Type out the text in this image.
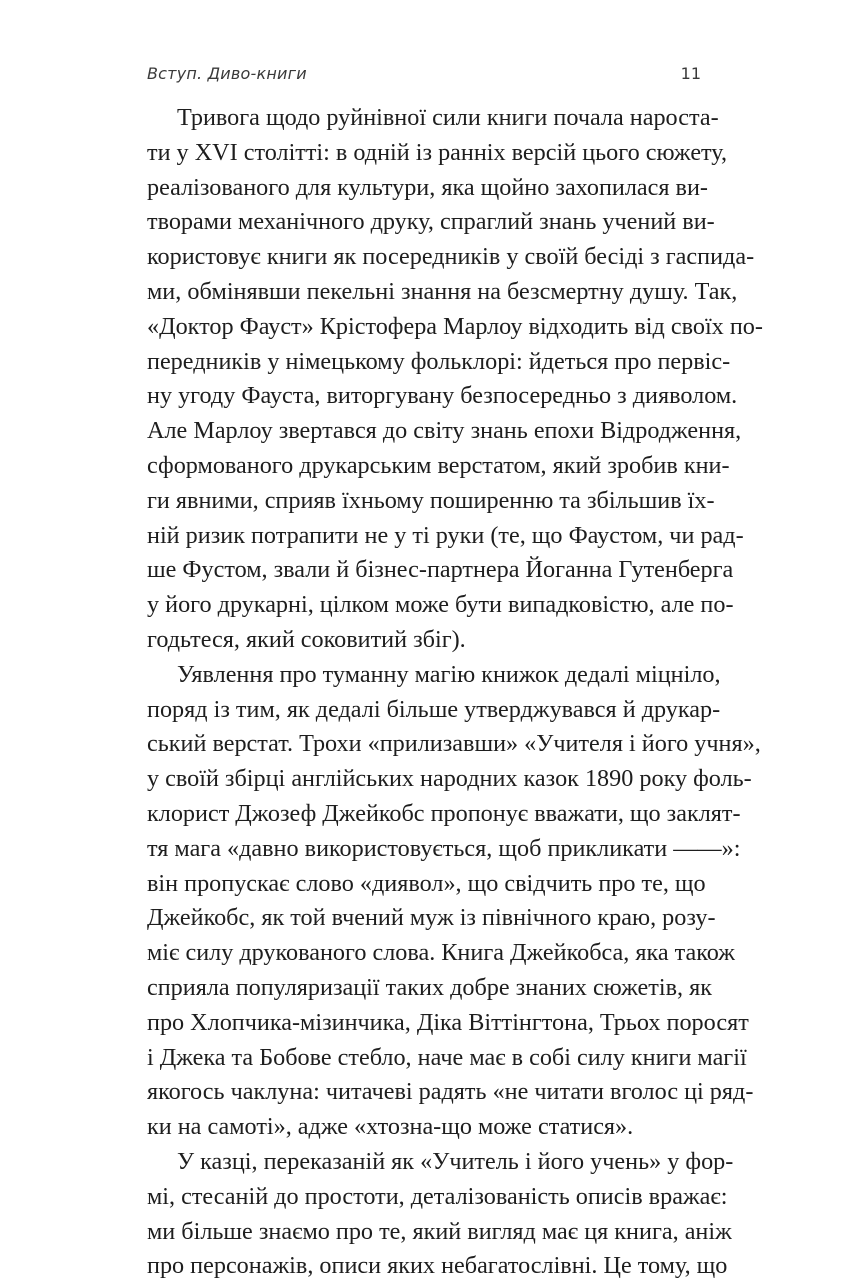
Вступ. Диво-книги	11
Тривога щодо руйнівної сили книги почала нароста-
ти у XVI столітті: в одній із ранніх версій цього сюжету,
реалізованого для культури, яка щойно захопилася ви-
творами механічного друку, спраглий знань учений ви-
користовує книги як посередників у своїй бесіді з гаспида-
ми, обмінявши пекельні знання на безсмертну душу. Так,
«Доктор Фауст» Крістофера Марлоу відходить від своїх по-
передників у німецькому фольклорі: йдеться про первіс-
ну угоду Фауста, виторгувану безпосередньо з дияволом.
Але Марлоу звертався до світу знань епохи Відродження,
сформованого друкарським верстатом, який зробив кни-
ги явними, сприяв їхньому поширенню та збільшив їх-
ній ризик потрапити не у ті руки (те, що Фаустом, чи рад-
ше Фустом, звали й бізнес-партнера Йоганна Гутенберга
у його друкарні, цілком може бути випадковістю, але по-
годьтеся, який соковитий збіг).
Уявлення про туманну магію книжок дедалі міцніло,
поряд із тим, як дедалі більше утверджувався й друкар-
ський верстат. Трохи «прилизавши» «Учителя і його учня»,
у своїй збірці англійських народних казок 1890 року фоль-
клорист Джозеф Джейкобс пропонує вважати, що заклят-
тя мага «давно використовується, щоб прикликати ——»:
він пропускає слово «диявол», що свідчить про те, що
Джейкобс, як той вчений муж із північного краю, розу-
міє силу друкованого слова. Книга Джейкобса, яка також
сприяла популяризації таких добре знаних сюжетів, як
про Хлопчика-мізинчика, Діка Віттінгтона, Трьох поросят
і Джека та Бобове стебло, наче має в собі силу книги магії
якогось чаклуна: читачеві радять «не читати вголос ці ряд-
ки на самоті», адже «хтозна-що може статися».
У казці, переказаній як «Учитель і його учень» у фор-
мі, стесаній до простоти, деталізованість описів вражає:
ми більше знаємо про те, який вигляд має ця книга, аніж
про персонажів, описи яких небагатослівні. Це тому, що
